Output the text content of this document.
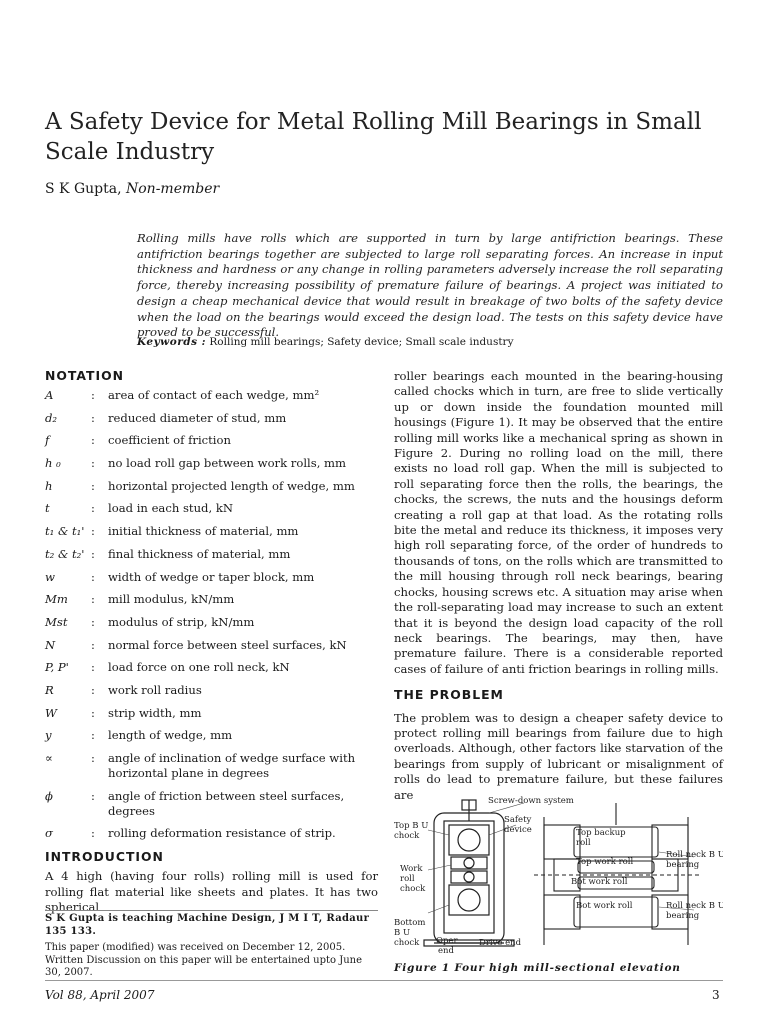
A Safety Device for Metal Rolling Mill Bearings in Small Scale Industry
S K Gupta, Non-member
Rolling mills have rolls which are supported in turn by large antifriction bearings. These antifriction bearings together are subjected to large roll separating forces. An increase in input thickness and hardness or any change in rolling parameters adversely increase the roll separating force, thereby increasing possibility of premature failure of bearings. A project was initiated to design a cheap mechanical device that would result in breakage of two bolts of the safety device when the load on the bearings would exceed the design load. The tests on this safety device have proved to be successful.
Keywords : Rolling mill bearings; Safety device; Small scale industry
NOTATION
A	:	area of contact of each wedge, mm²
d₂	:	reduced diameter of stud, mm
f	:	coefficient of friction
h ₀	:	no load roll gap between work rolls, mm
h	:	horizontal projected length of wedge, mm
t	:	load in each stud, kN
t₁ & t₁' :	initial thickness of material, mm
t₂ & t₂' :	final thickness of material, mm
w	:	width of wedge or taper block, mm
Mm	:	mill modulus, kN/mm
Mst	:	modulus of strip, kN/mm
N	:	normal force between steel surfaces, kN
P, P'	:	load force on one roll neck, kN
R	:	work roll radius
W	:	strip width, mm
y	:	length of wedge, mm
∝	:	angle of inclination of wedge surface with horizontal plane in degrees
ϕ	:	angle of friction between steel surfaces, degrees
σ	:	rolling deformation resistance of strip.
INTRODUCTION
A 4 high (having four rolls) rolling mill is used for rolling flat material like sheets and plates. It has two spherical
S K Gupta is teaching Machine Design, J M I T, Radaur 135 133.
This paper (modified) was received on December 12, 2005. Written Discussion on this paper will be entertained upto June 30, 2007.

roller bearings each mounted in the bearing-housing called chocks which in turn, are free to slide vertically up or down inside the foundation mounted mill housings (Figure 1). It may be observed that the entire rolling mill works like a mechanical spring as shown in Figure 2. During no rolling load on the mill, there exists no load roll gap. When the mill is subjected to roll separating force then the rolls, the bearings, the chocks, the screws, the nuts and the housings deform creating a roll gap at that load. As the rotating rolls bite the metal and reduce its thickness, it imposes very high roll separating force, of the order of hundreds to thousands of tons, on the rolls which are transmitted to the mill housing through roll neck bearings, bearing chocks, housing screws etc. A situation may arise when the roll-separating load may increase to such an extent that it is beyond the design load capacity of the roll neck bearings. The bearings, may then, have premature failure. There is a considerable reported cases of failure of anti friction bearings in rolling mills.

THE PROBLEM

The problem was to design a cheaper safety device to protect rolling mill bearings from failure due to high overloads. Although, other factors like starvation of the bearings from supply of lubricant or misalignment of rolls do lead to premature failure, but these failures are	Screw-down system
Safety
device
Top B U
chock
Work
roll
chock
Bottom
B U
chock Oper
end
Drive end
Top backup
roll
Top work roll
Bot work roll
Bot work roll
Roll neck B U
bearing
Roll neck B U
bearing
Figure 1 Four high mill-sectional elevation
Vol 88, April 2007	3
